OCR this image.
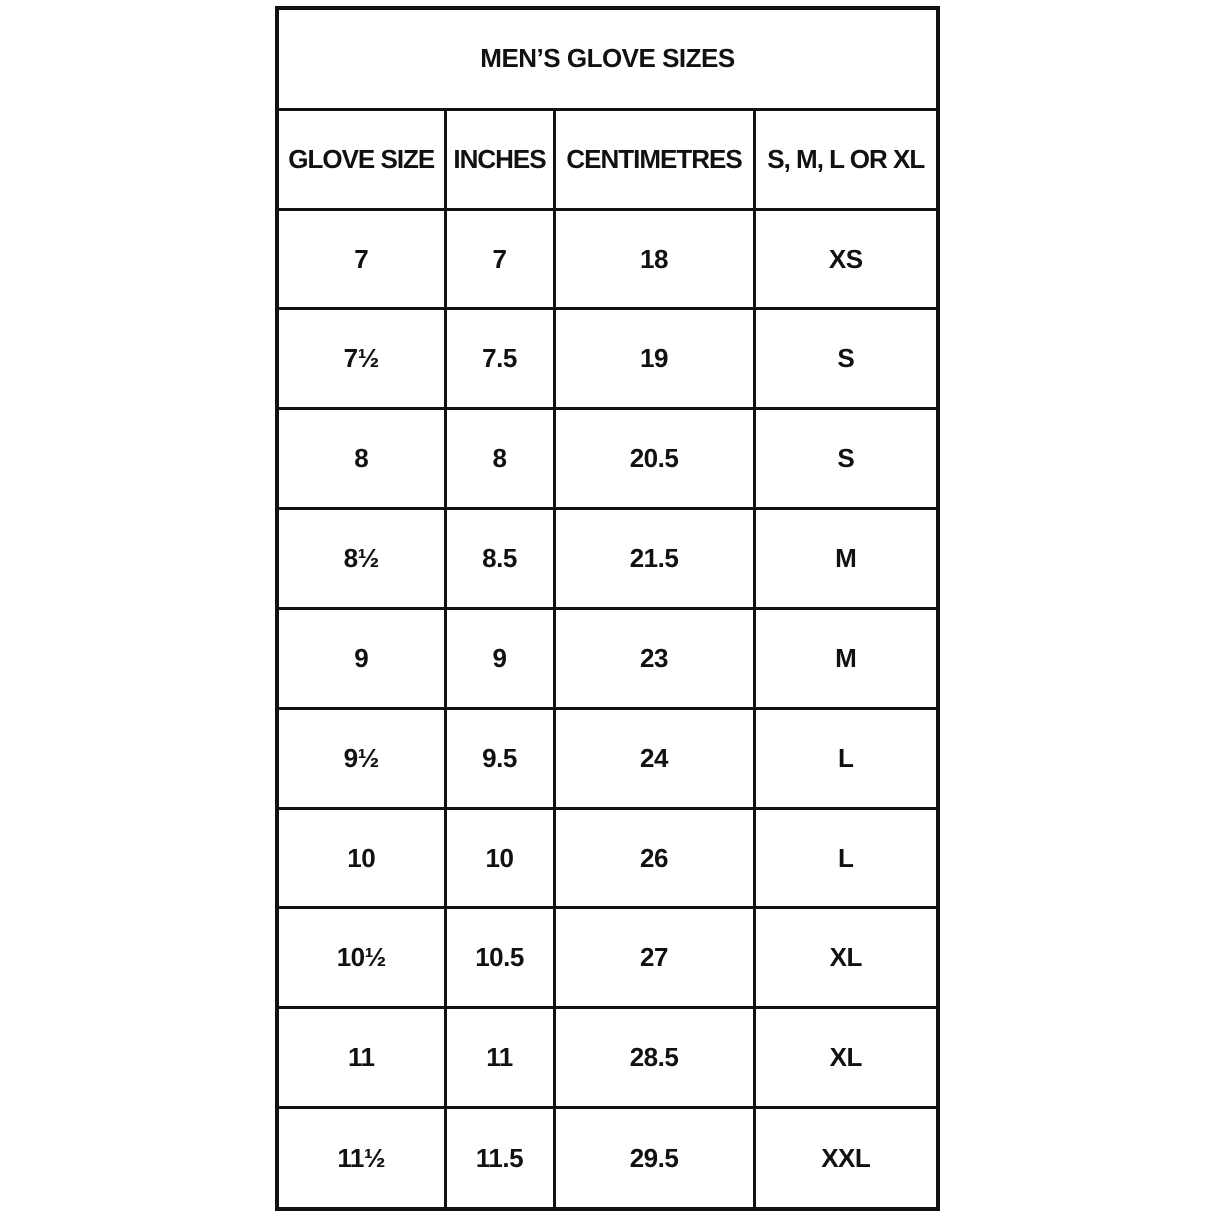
MEN’S GLOVE SIZES			
GLOVE SIZE	INCHES	CENTIMETRES	S, M, L OR XL
7	7	18	XS
7½	7.5	19	S
8	8	20.5	S
8½	8.5	21.5	M
9	9	23	M
9½	9.5	24	L
10	10	26	L
10½	10.5	27	XL
11	11	28.5	XL
11½	11.5	29.5	XXL
